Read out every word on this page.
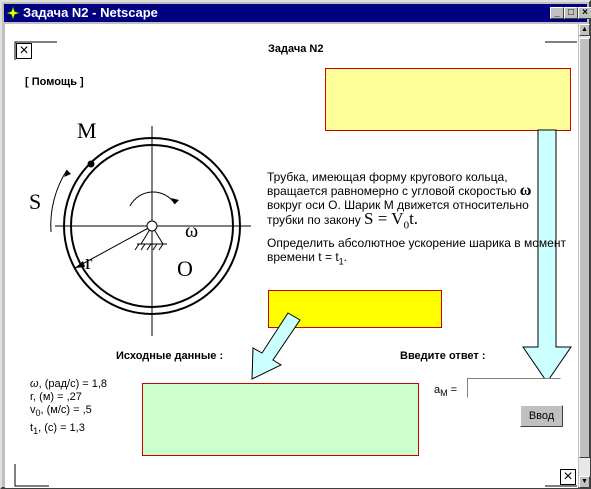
Задача N2 - Netscape	_ □ ×
×
×
Задача N2
[ Помощь ]
M
S
ω
r	O

Трубка, имеющая форму кругового кольца,
вращается равномерно с угловой скоростью ω
вокруг оси О. Шарик М движется относительно
трубки по закону $S = V_0t$.

Определить абсолютное ускорение шарика в момент
времени $t = t_1$.

Исходные данные :	Введите ответ :
ω, (рад/с) = 1,8
r, (м) = ,27
$v_0$, (м/с) = ,5
$t_1$, (с) = 1,3
$a_M$ =
Ввод
▲
▼
